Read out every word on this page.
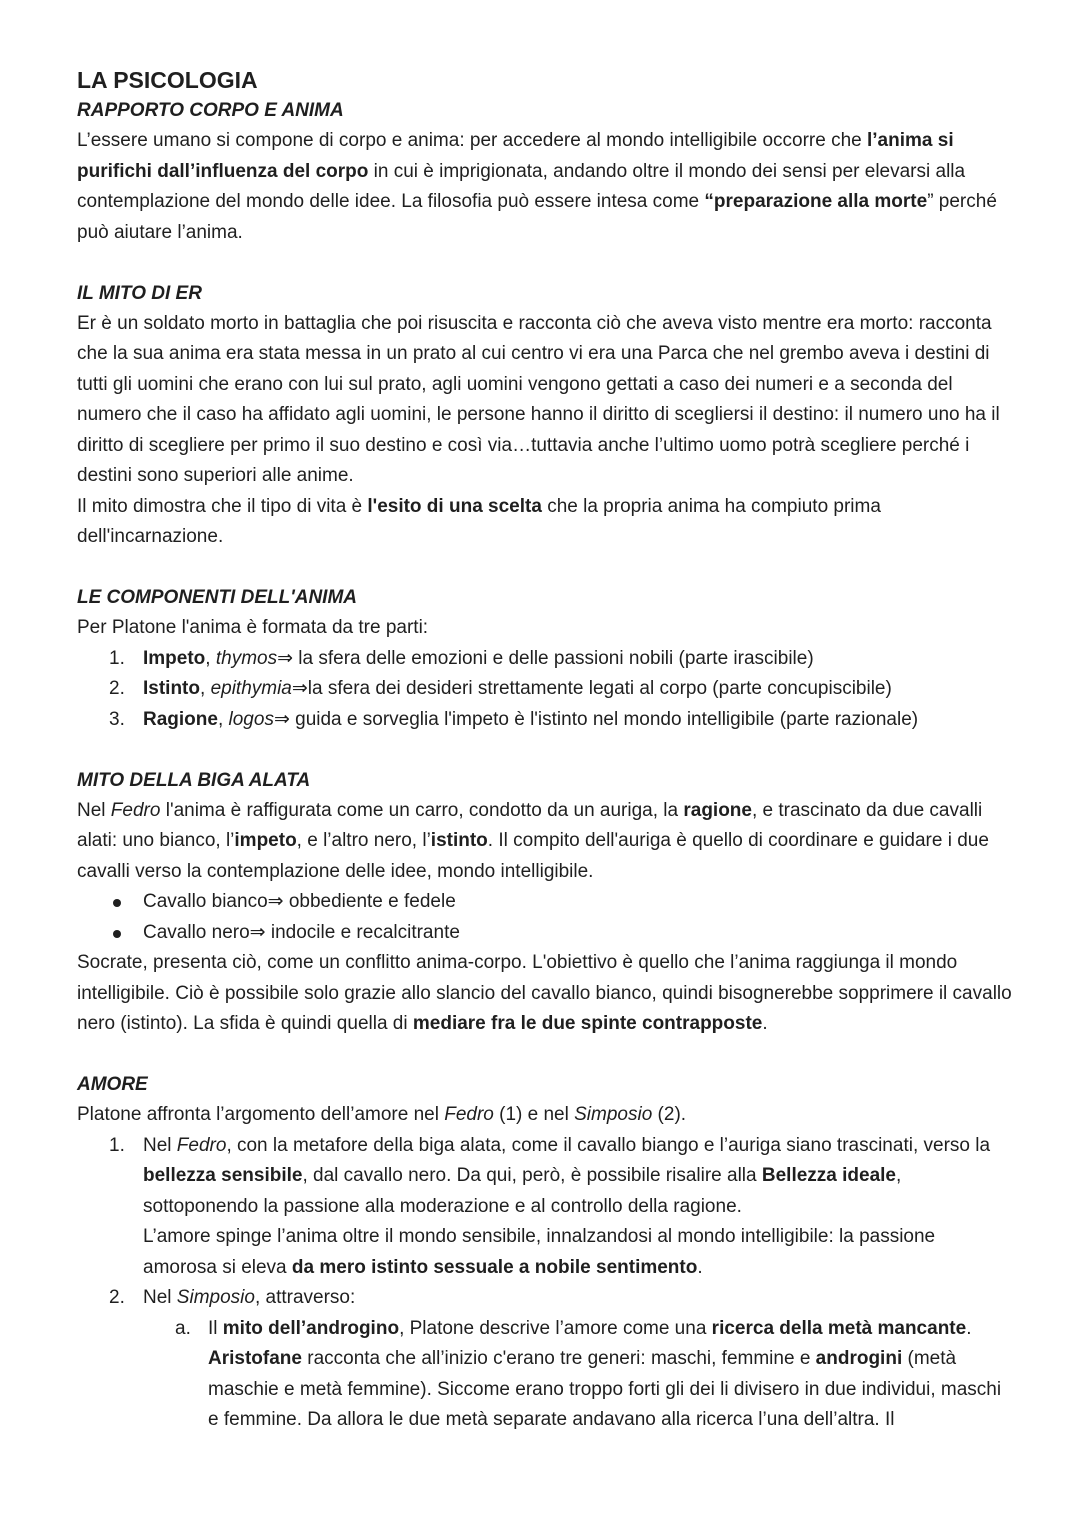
LA PSICOLOGIA
RAPPORTO CORPO E ANIMA

L’essere umano si compone di corpo e anima: per accedere al mondo intelligibile occorre che l’anima si purifichi dall’influenza del corpo in cui è imprigionata, andando oltre il mondo dei sensi per elevarsi alla contemplazione del mondo delle idee. La filosofia può essere intesa come “preparazione alla morte” perché può aiutare l’anima.

IL MITO DI ER

Er è un soldato morto in battaglia che poi risuscita e racconta ciò che aveva visto mentre era morto: racconta che la sua anima era stata messa in un prato al cui centro vi era una Parca che nel grembo aveva i destini di tutti gli uomini che erano con lui sul prato, agli uomini vengono gettati a caso dei numeri e a seconda del numero che il caso ha affidato agli uomini, le persone hanno il diritto di scegliersi il destino: il numero uno ha il diritto di scegliere per primo il suo destino e così via…tuttavia anche l’ultimo uomo potrà scegliere perché i destini sono superiori alle anime.

Il mito dimostra che il tipo di vita è l'esito di una scelta che la propria anima ha compiuto prima dell'incarnazione.

LE COMPONENTI DELL'ANIMA

Per Platone l'anima è formata da tre parti:

1. Impeto, thymos⇒ la sfera delle emozioni e delle passioni nobili (parte irascibile)
2. Istinto, epithymia⇒la sfera dei desideri strettamente legati al corpo (parte concupiscibile)
3. Ragione, logos⇒ guida e sorveglia l'impeto è l'istinto nel mondo intelligibile (parte razionale)
MITO DELLA BIGA ALATA

Nel Fedro l'anima è raffigurata come un carro, condotto da un auriga, la ragione, e trascinato da due cavalli alati: uno bianco, l’impeto, e l’altro nero, l’istinto. Il compito dell'auriga è quello di coordinare e guidare i due cavalli verso la contemplazione delle idee, mondo intelligibile.

Cavallo bianco⇒ obbediente e fedele
Cavallo nero⇒ indocile e recalcitrante

Socrate, presenta ciò, come un conflitto anima-corpo. L'obiettivo è quello che l’anima raggiunga il mondo intelligibile. Ciò è possibile solo grazie allo slancio del cavallo bianco, quindi bisognerebbe sopprimere il cavallo nero (istinto). La sfida è quindi quella di mediare fra le due spinte contrapposte.

AMORE

Platone affronta l’argomento dell’amore nel Fedro (1) e nel Simposio (2).

1. Nel Fedro, con la metafore della biga alata, come il cavallo biango e l’auriga siano trascinati, verso la bellezza sensibile, dal cavallo nero. Da qui, però, è possibile risalire alla Bellezza ideale, sottoponendo la passione alla moderazione e al controllo della ragione.
L’amore spinge l’anima oltre il mondo sensibile, innalzandosi al mondo intelligibile: la passione amorosa si eleva da mero istinto sessuale a nobile sentimento.
2. Nel Simposio, attraverso:
a. Il mito dell’androgino, Platone descrive l’amore come una ricerca della metà mancante. Aristofane racconta che all’inizio c'erano tre generi: maschi, femmine e androgini (metà maschie e metà femmine). Siccome erano troppo forti gli dei li divisero in due individui, maschi e femmine. Da allora le due metà separate andavano alla ricerca l’una dell’altra. Il
